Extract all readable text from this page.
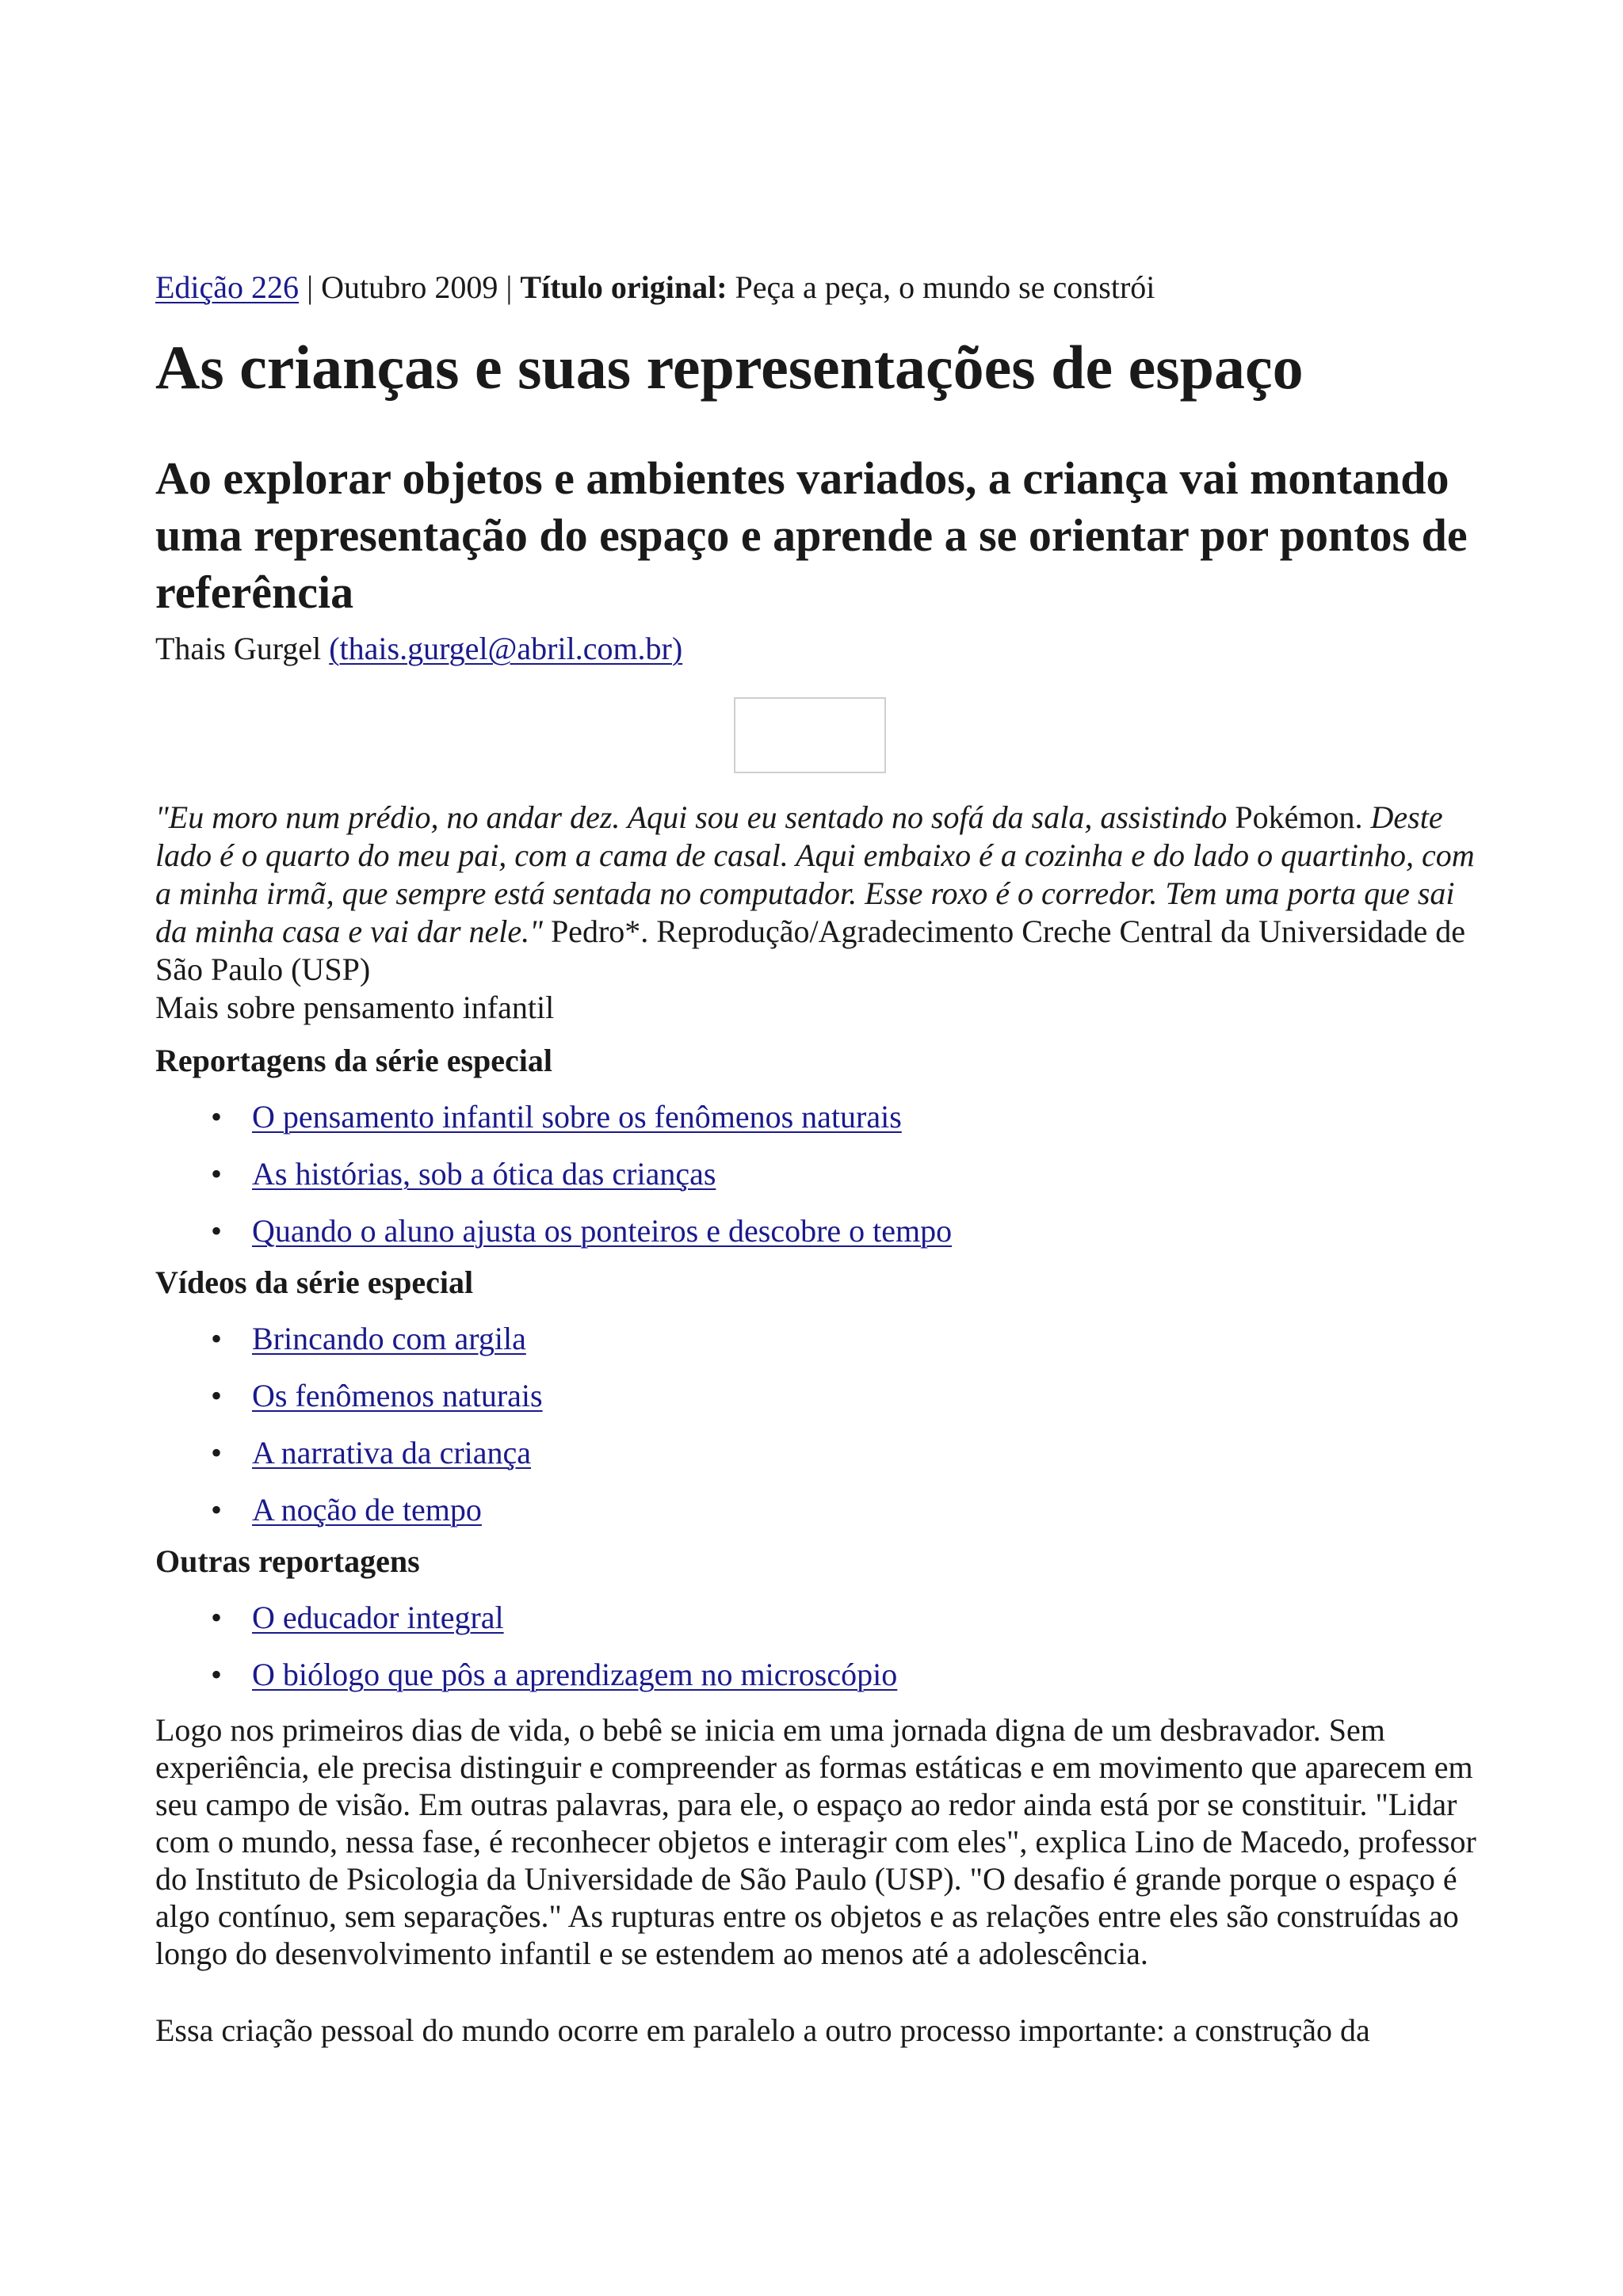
Edição 226 | Outubro 2009 | Título original: Peça a peça, o mundo se constrói

As crianças e suas representações de espaço
Ao explorar objetos e ambientes variados, a criança vai montando uma representação do espaço e aprende a se orientar por pontos de referência

Thais Gurgel (thais.gurgel@abril.com.br)

"Eu moro num prédio, no andar dez. Aqui sou eu sentado no sofá da sala, assistindo Pokémon. Deste lado é o quarto do meu pai, com a cama de casal. Aqui embaixo é a cozinha e do lado o quartinho, com a minha irmã, que sempre está sentada no computador. Esse roxo é o corredor. Tem uma porta que sai da minha casa e vai dar nele." Pedro*. Reprodução/Agradecimento Creche Central da Universidade de São Paulo (USP)

Mais sobre pensamento infantil

Reportagens da série especial
• O pensamento infantil sobre os fenômenos naturais
• As histórias, sob a ótica das crianças
• Quando o aluno ajusta os ponteiros e descobre o tempo
Vídeos da série especial
• Brincando com argila
• Os fenômenos naturais
• A narrativa da criança
• A noção de tempo
Outras reportagens
• O educador integral
• O biólogo que pôs a aprendizagem no microscópio

Logo nos primeiros dias de vida, o bebê se inicia em uma jornada digna de um desbravador. Sem experiência, ele precisa distinguir e compreender as formas estáticas e em movimento que aparecem em seu campo de visão. Em outras palavras, para ele, o espaço ao redor ainda está por se constituir. "Lidar com o mundo, nessa fase, é reconhecer objetos e interagir com eles", explica Lino de Macedo, professor do Instituto de Psicologia da Universidade de São Paulo (USP). "O desafio é grande porque o espaço é algo contínuo, sem separações." As rupturas entre os objetos e as relações entre eles são construídas ao longo do desenvolvimento infantil e se estendem ao menos até a adolescência.

Essa criação pessoal do mundo ocorre em paralelo a outro processo importante: a construção da
